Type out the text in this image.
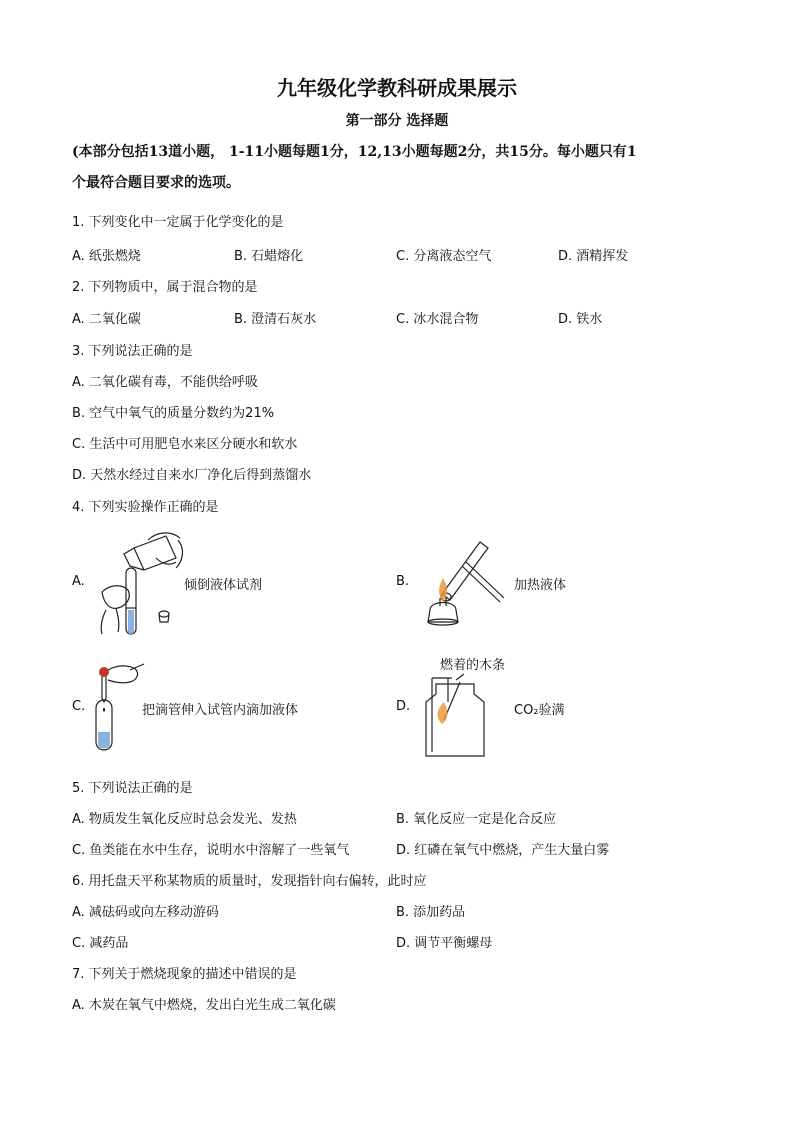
九年级化学教科研成果展示
第一部分 选择题
(本部分包括13道小题， 1-11小题每题1分，12,13小题每题2分，共15分。每小题只有1
个最符合题目要求的选项。
1. 下列变化中一定属于化学变化的是
A. 纸张燃烧	B. 石蜡熔化	C. 分离液态空气	D. 酒精挥发
2. 下列物质中，属于混合物的是
A. 二氧化碳	B. 澄清石灰水	C. 冰水混合物	D. 铁水
3. 下列说法正确的是
A. 二氧化碳有毒，不能供给呼吸
B. 空气中氧气的质量分数约为21%
C. 生活中可用肥皂水来区分硬水和软水
D. 天然水经过自来水厂净化后得到蒸馏水
4. 下列实验操作正确的是
A.	倾倒液体试剂	B.	加热液体
C.	把滴管伸入试管内滴加液体	D.
燃着的木条
CO₂验满
5. 下列说法正确的是
A. 物质发生氧化反应时总会发光、发热	B. 氧化反应一定是化合反应
C. 鱼类能在水中生存，说明水中溶解了一些氧气	D. 红磷在氧气中燃烧，产生大量白雾
6. 用托盘天平称某物质的质量时，发现指针向右偏转，此时应
A. 减砝码或向左移动游码	B. 添加药品
C. 减药品	D. 调节平衡螺母
7. 下列关于燃烧现象的描述中错误的是
A. 木炭在氧气中燃烧，发出白光生成二氧化碳
